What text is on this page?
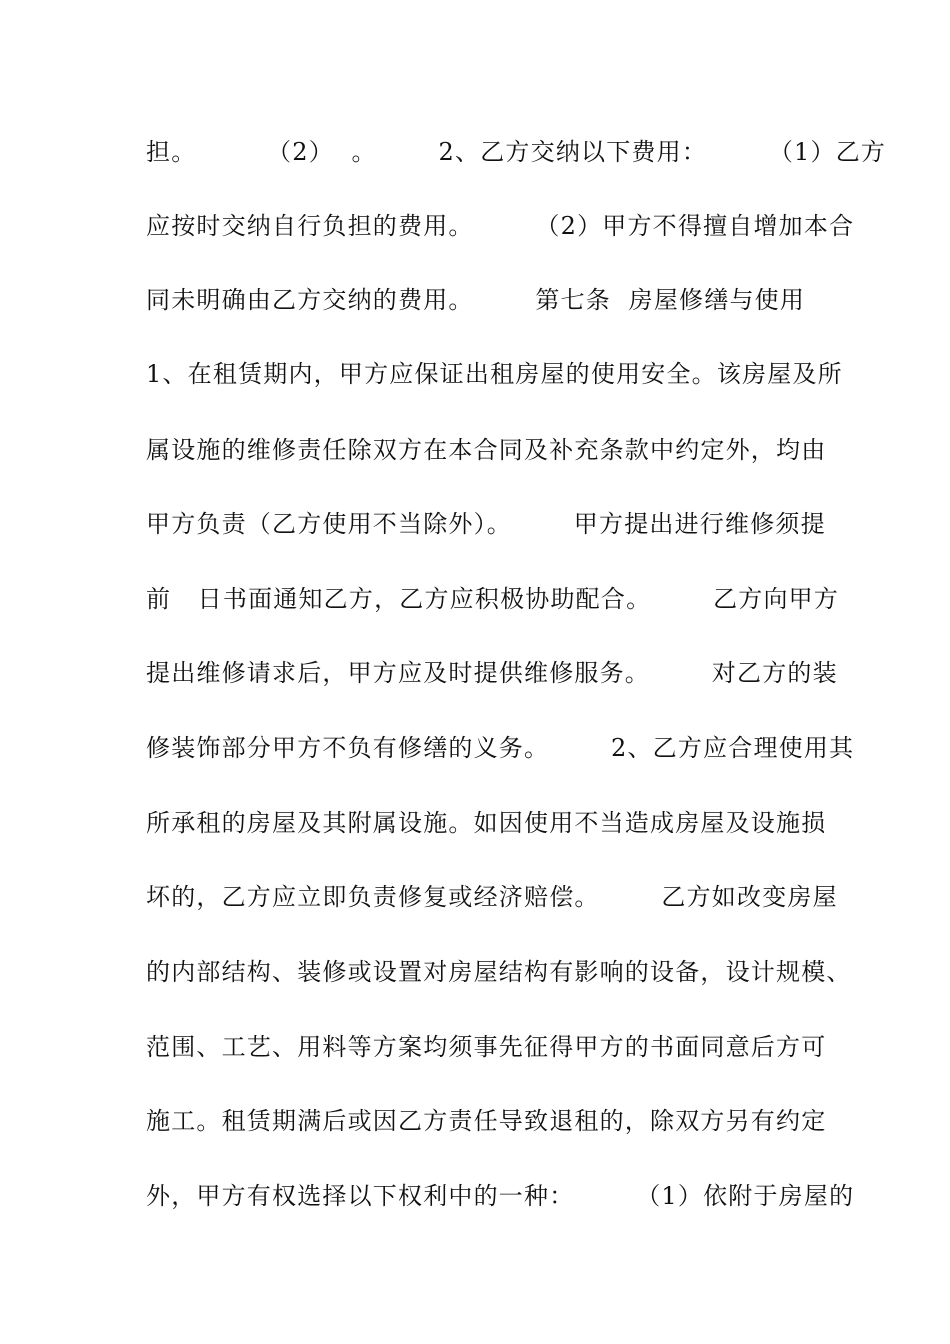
担。        （2）  。       2、乙方交纳以下费用：       （1）乙方
应按时交纳自行负担的费用。       （2）甲方不得擅自增加本合
同未明确由乙方交纳的费用。       第七条  房屋修缮与使用
1、在租赁期内，甲方应保证出租房屋的使用安全。该房屋及所
属设施的维修责任除双方在本合同及补充条款中约定外，均由
甲方负责（乙方使用不当除外）。       甲方提出进行维修须提
前   日书面通知乙方，乙方应积极协助配合。       乙方向甲方
提出维修请求后，甲方应及时提供维修服务。       对乙方的装
修装饰部分甲方不负有修缮的义务。       2、乙方应合理使用其
所承租的房屋及其附属设施。如因使用不当造成房屋及设施损
坏的，乙方应立即负责修复或经济赔偿。       乙方如改变房屋
的内部结构、装修或设置对房屋结构有影响的设备，设计规模、
范围、工艺、用料等方案均须事先征得甲方的书面同意后方可
施工。租赁期满后或因乙方责任导致退租的，除双方另有约定
外，甲方有权选择以下权利中的一种：       （1）依附于房屋的
